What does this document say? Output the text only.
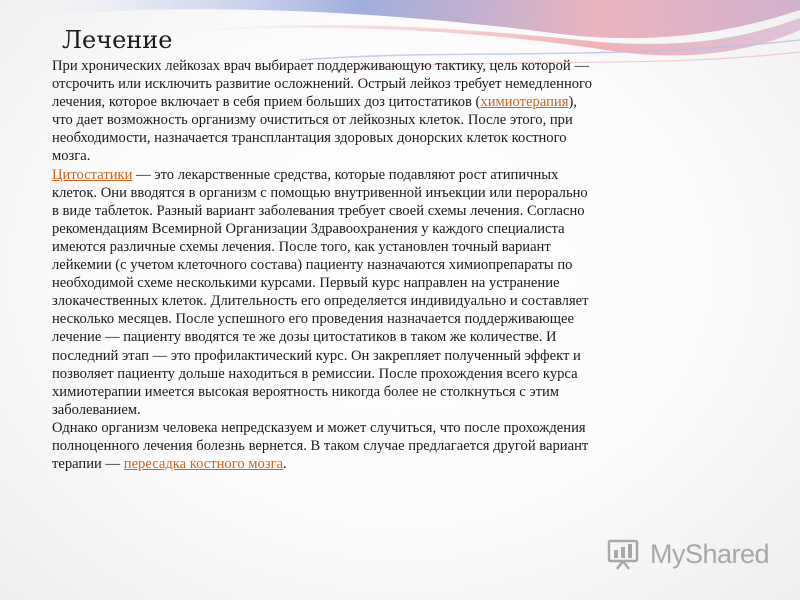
Лечение

При хронических лейкозах врач выбирает поддерживающую тактику, цель которой — отсрочить или исключить развитие осложнений. Острый лейкоз требует немедленного лечения, которое включает в себя прием больших доз цитостатиков (химиотерапия), что дает возможность организму очиститься от лейкозных клеток. После этого, при необходимости, назначается трансплантация здоровых донорских клеток костного мозга.

Цитостатики — это лекарственные средства, которые подавляют рост атипичных клеток. Они вводятся в организм с помощью внутривенной инъекции или перорально в виде таблеток. Разный вариант заболевания требует своей схемы лечения. Согласно рекомендациям Всемирной Организации Здравоохранения у каждого специалиста имеются различные схемы лечения. После того, как установлен точный вариант лейкемии (с учетом клеточного состава) пациенту назначаются химиопрепараты по необходимой схеме несколькими курсами. Первый курс направлен на устранение злокачественных клеток. Длительность его определяется индивидуально и составляет несколько месяцев. После успешного его проведения назначается поддерживающее лечение — пациенту вводятся те же дозы цитостатиков в таком же количестве. И последний этап — это профилактический курс. Он закрепляет полученный эффект и позволяет пациенту дольше находиться в ремиссии. После прохождения всего курса химиотерапии имеется высокая вероятность никогда более не столкнуться с этим заболеванием.

Однако организм человека непредсказуем и может случиться, что после прохождения полноценного лечения болезнь вернется. В таком случае предлагается другой вариант терапии — пересадка костного мозга.

MyShared
